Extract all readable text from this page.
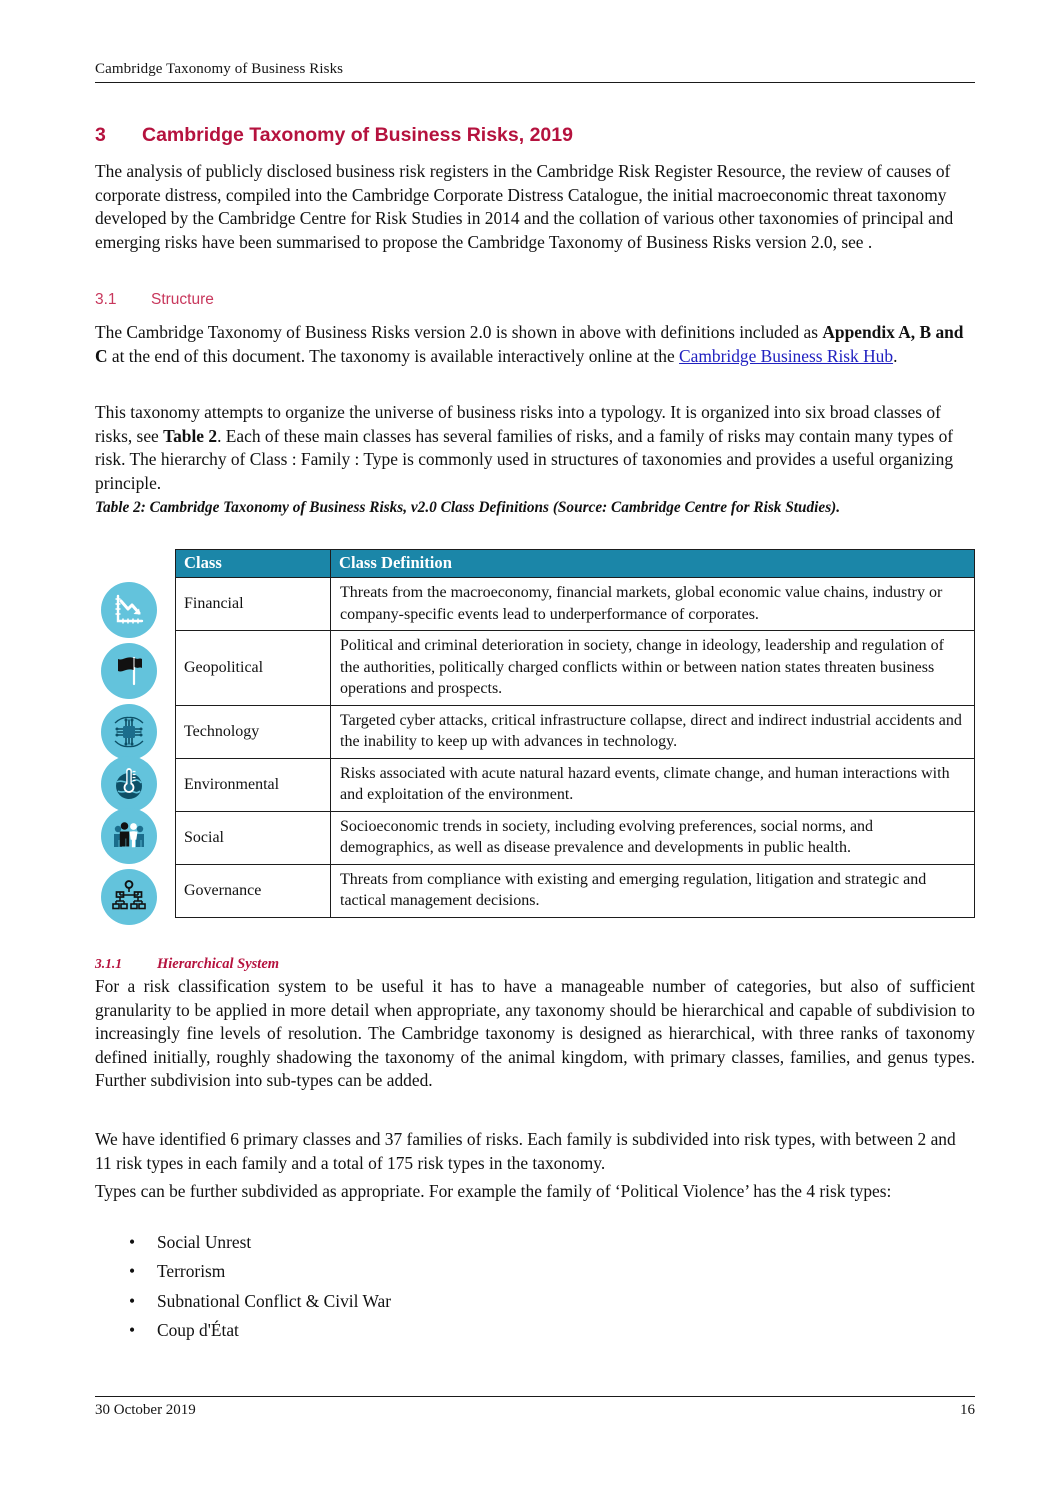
Cambridge Taxonomy of Business Risks
3	Cambridge Taxonomy of Business Risks, 2019
The analysis of publicly disclosed business risk registers in the Cambridge Risk Register Resource, the review of causes of corporate distress, compiled into the Cambridge Corporate Distress Catalogue, the initial macroeconomic threat taxonomy developed by the Cambridge Centre for Risk Studies in 2014 and the collation of various other taxonomies of principal and emerging risks have been summarised to propose the Cambridge Taxonomy of Business Risks version 2.0, see .
3.1	Structure
The Cambridge Taxonomy of Business Risks version 2.0 is shown in above with definitions included as Appendix A, B and C at the end of this document. The taxonomy is available interactively online at the Cambridge Business Risk Hub.
This taxonomy attempts to organize the universe of business risks into a typology. It is organized into six broad classes of risks, see Table 2. Each of these main classes has several families of risks, and a family of risks may contain many types of risk. The hierarchy of Class : Family : Type is commonly used in structures of taxonomies and provides a useful organizing principle.
Table 2: Cambridge Taxonomy of Business Risks, v2.0 Class Definitions (Source: Cambridge Centre for Risk Studies).
Class	Class Definition
Financial	Threats from the macroeconomy, financial markets, global economic value chains, industry or company-specific events lead to underperformance of corporates.
Geopolitical	Political and criminal deterioration in society, change in ideology, leadership and regulation of the authorities, politically charged conflicts within or between nation states threaten business operations and prospects.
Technology	Targeted cyber attacks, critical infrastructure collapse, direct and indirect industrial accidents and the inability to keep up with advances in technology.
Environmental	Risks associated with acute natural hazard events, climate change, and human interactions with and exploitation of the environment.
Social	Socioeconomic trends in society, including evolving preferences, social norms, and demographics, as well as disease prevalence and developments in public health.
Governance	Threats from compliance with existing and emerging regulation, litigation and strategic and tactical management decisions.
3.1.1	Hierarchical System
For a risk classification system to be useful it has to have a manageable number of categories, but also of sufficient granularity to be applied in more detail when appropriate, any taxonomy should be hierarchical and capable of subdivision to increasingly fine levels of resolution. The Cambridge taxonomy is designed as hierarchical, with three ranks of taxonomy defined initially, roughly shadowing the taxonomy of the animal kingdom, with primary classes, families, and genus types. Further subdivision into sub-types can be added.
We have identified 6 primary classes and 37 families of risks. Each family is subdivided into risk types, with between 2 and 11 risk types in each family and a total of 175 risk types in the taxonomy.
Types can be further subdivided as appropriate. For example the family of ‘Political Violence’ has the 4 risk types:
• Social Unrest
• Terrorism
• Subnational Conflict & Civil War
• Coup d'État
30 October 2019	16
